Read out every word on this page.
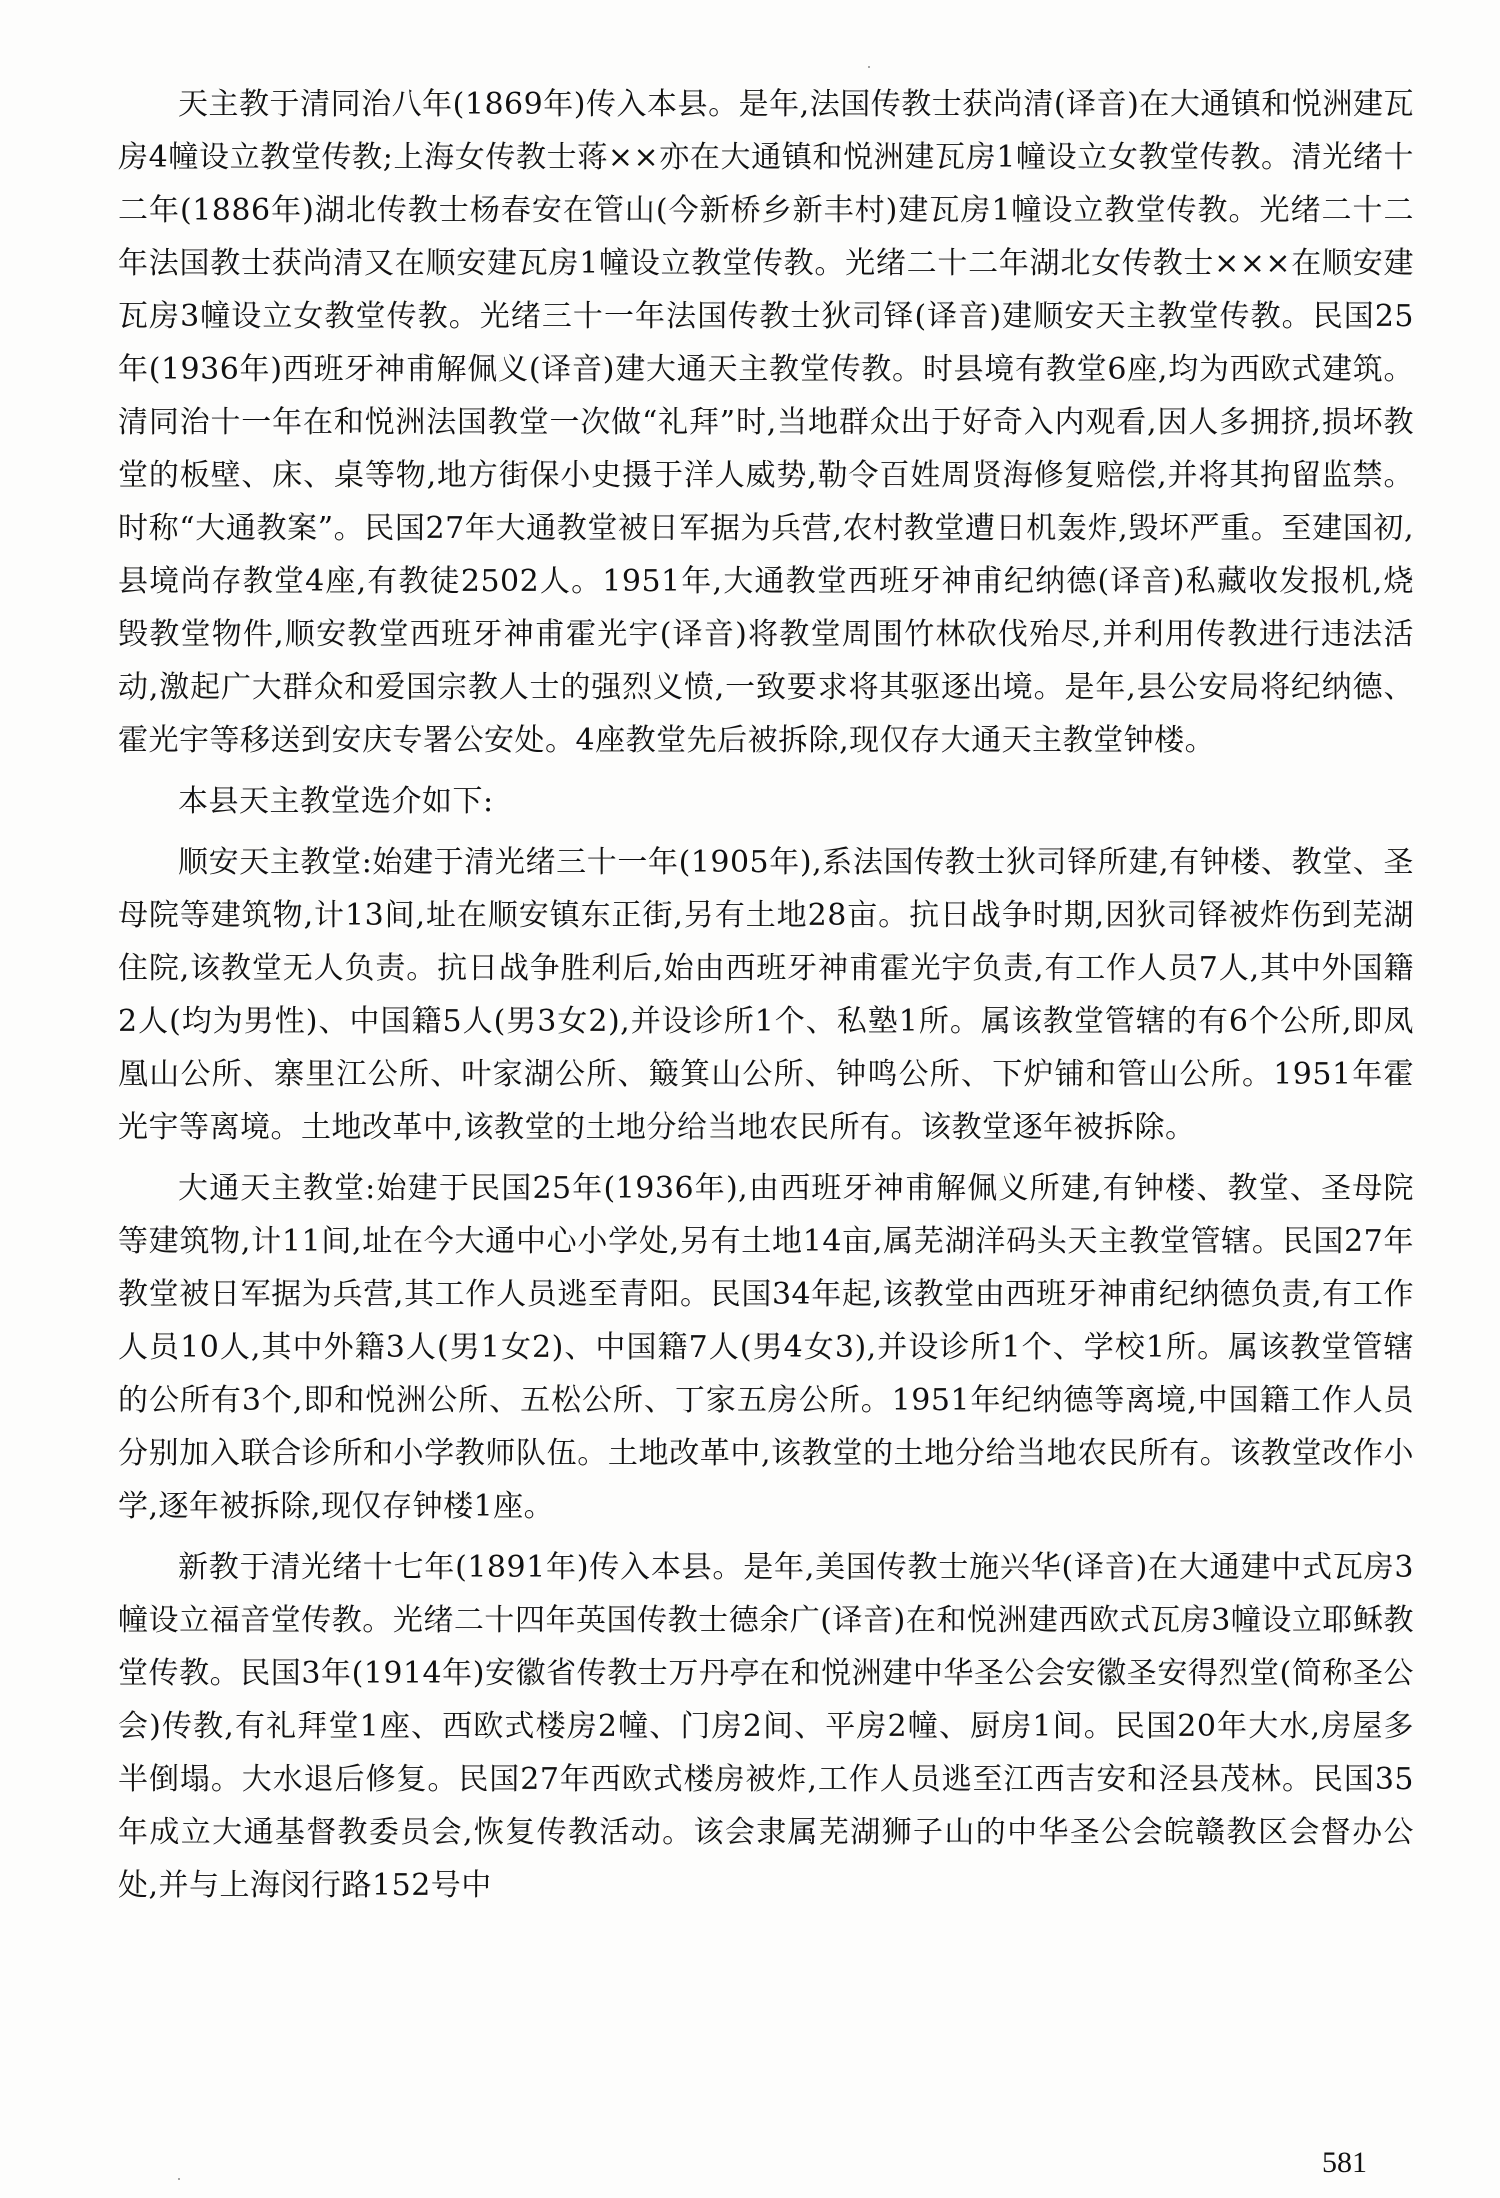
天主教于清同治八年(1869年)传入本县。是年,法国传教士获尚清(译音)在大通镇和悦洲建瓦房4幢设立教堂传教;上海女传教士蒋××亦在大通镇和悦洲建瓦房1幢设立女教堂传教。清光绪十二年(1886年)湖北传教士杨春安在管山(今新桥乡新丰村)建瓦房1幢设立教堂传教。光绪二十二年法国教士获尚清又在顺安建瓦房1幢设立教堂传教。光绪二十二年湖北女传教士×××在顺安建瓦房3幢设立女教堂传教。光绪三十一年法国传教士狄司铎(译音)建顺安天主教堂传教。民国25年(1936年)西班牙神甫解佩义(译音)建大通天主教堂传教。时县境有教堂6座,均为西欧式建筑。清同治十一年在和悦洲法国教堂一次做“礼拜”时,当地群众出于好奇入内观看,因人多拥挤,损坏教堂的板壁、床、桌等物,地方街保小史摄于洋人威势,勒令百姓周贤海修复赔偿,并将其拘留监禁。时称“大通教案”。民国27年大通教堂被日军据为兵营,农村教堂遭日机轰炸,毁坏严重。至建国初,县境尚存教堂4座,有教徒2502人。1951年,大通教堂西班牙神甫纪纳德(译音)私藏收发报机,烧毁教堂物件,顺安教堂西班牙神甫霍光宇(译音)将教堂周围竹林砍伐殆尽,并利用传教进行违法活动,激起广大群众和爱国宗教人士的强烈义愤,一致要求将其驱逐出境。是年,县公安局将纪纳德、霍光宇等移送到安庆专署公安处。4座教堂先后被拆除,现仅存大通天主教堂钟楼。

本县天主教堂选介如下:

顺安天主教堂:始建于清光绪三十一年(1905年),系法国传教士狄司铎所建,有钟楼、教堂、圣母院等建筑物,计13间,址在顺安镇东正街,另有土地28亩。抗日战争时期,因狄司铎被炸伤到芜湖住院,该教堂无人负责。抗日战争胜利后,始由西班牙神甫霍光宇负责,有工作人员7人,其中外国籍2人(均为男性)、中国籍5人(男3女2),并设诊所1个、私塾1所。属该教堂管辖的有6个公所,即凤凰山公所、寨里江公所、叶家湖公所、簸箕山公所、钟鸣公所、下炉铺和管山公所。1951年霍光宇等离境。土地改革中,该教堂的土地分给当地农民所有。该教堂逐年被拆除。

大通天主教堂:始建于民国25年(1936年),由西班牙神甫解佩义所建,有钟楼、教堂、圣母院等建筑物,计11间,址在今大通中心小学处,另有土地14亩,属芜湖洋码头天主教堂管辖。民国27年教堂被日军据为兵营,其工作人员逃至青阳。民国34年起,该教堂由西班牙神甫纪纳德负责,有工作人员10人,其中外籍3人(男1女2)、中国籍7人(男4女3),并设诊所1个、学校1所。属该教堂管辖的公所有3个,即和悦洲公所、五松公所、丁家五房公所。1951年纪纳德等离境,中国籍工作人员分别加入联合诊所和小学教师队伍。土地改革中,该教堂的土地分给当地农民所有。该教堂改作小学,逐年被拆除,现仅存钟楼1座。

新教于清光绪十七年(1891年)传入本县。是年,美国传教士施兴华(译音)在大通建中式瓦房3幢设立福音堂传教。光绪二十四年英国传教士德余广(译音)在和悦洲建西欧式瓦房3幢设立耶稣教堂传教。民国3年(1914年)安徽省传教士万丹亭在和悦洲建中华圣公会安徽圣安得烈堂(简称圣公会)传教,有礼拜堂1座、西欧式楼房2幢、门房2间、平房2幢、厨房1间。民国20年大水,房屋多半倒塌。大水退后修复。民国27年西欧式楼房被炸,工作人员逃至江西吉安和泾县茂林。民国35年成立大通基督教委员会,恢复传教活动。该会隶属芜湖狮子山的中华圣公会皖赣教区会督办公处,并与上海闵行路152号中

581
